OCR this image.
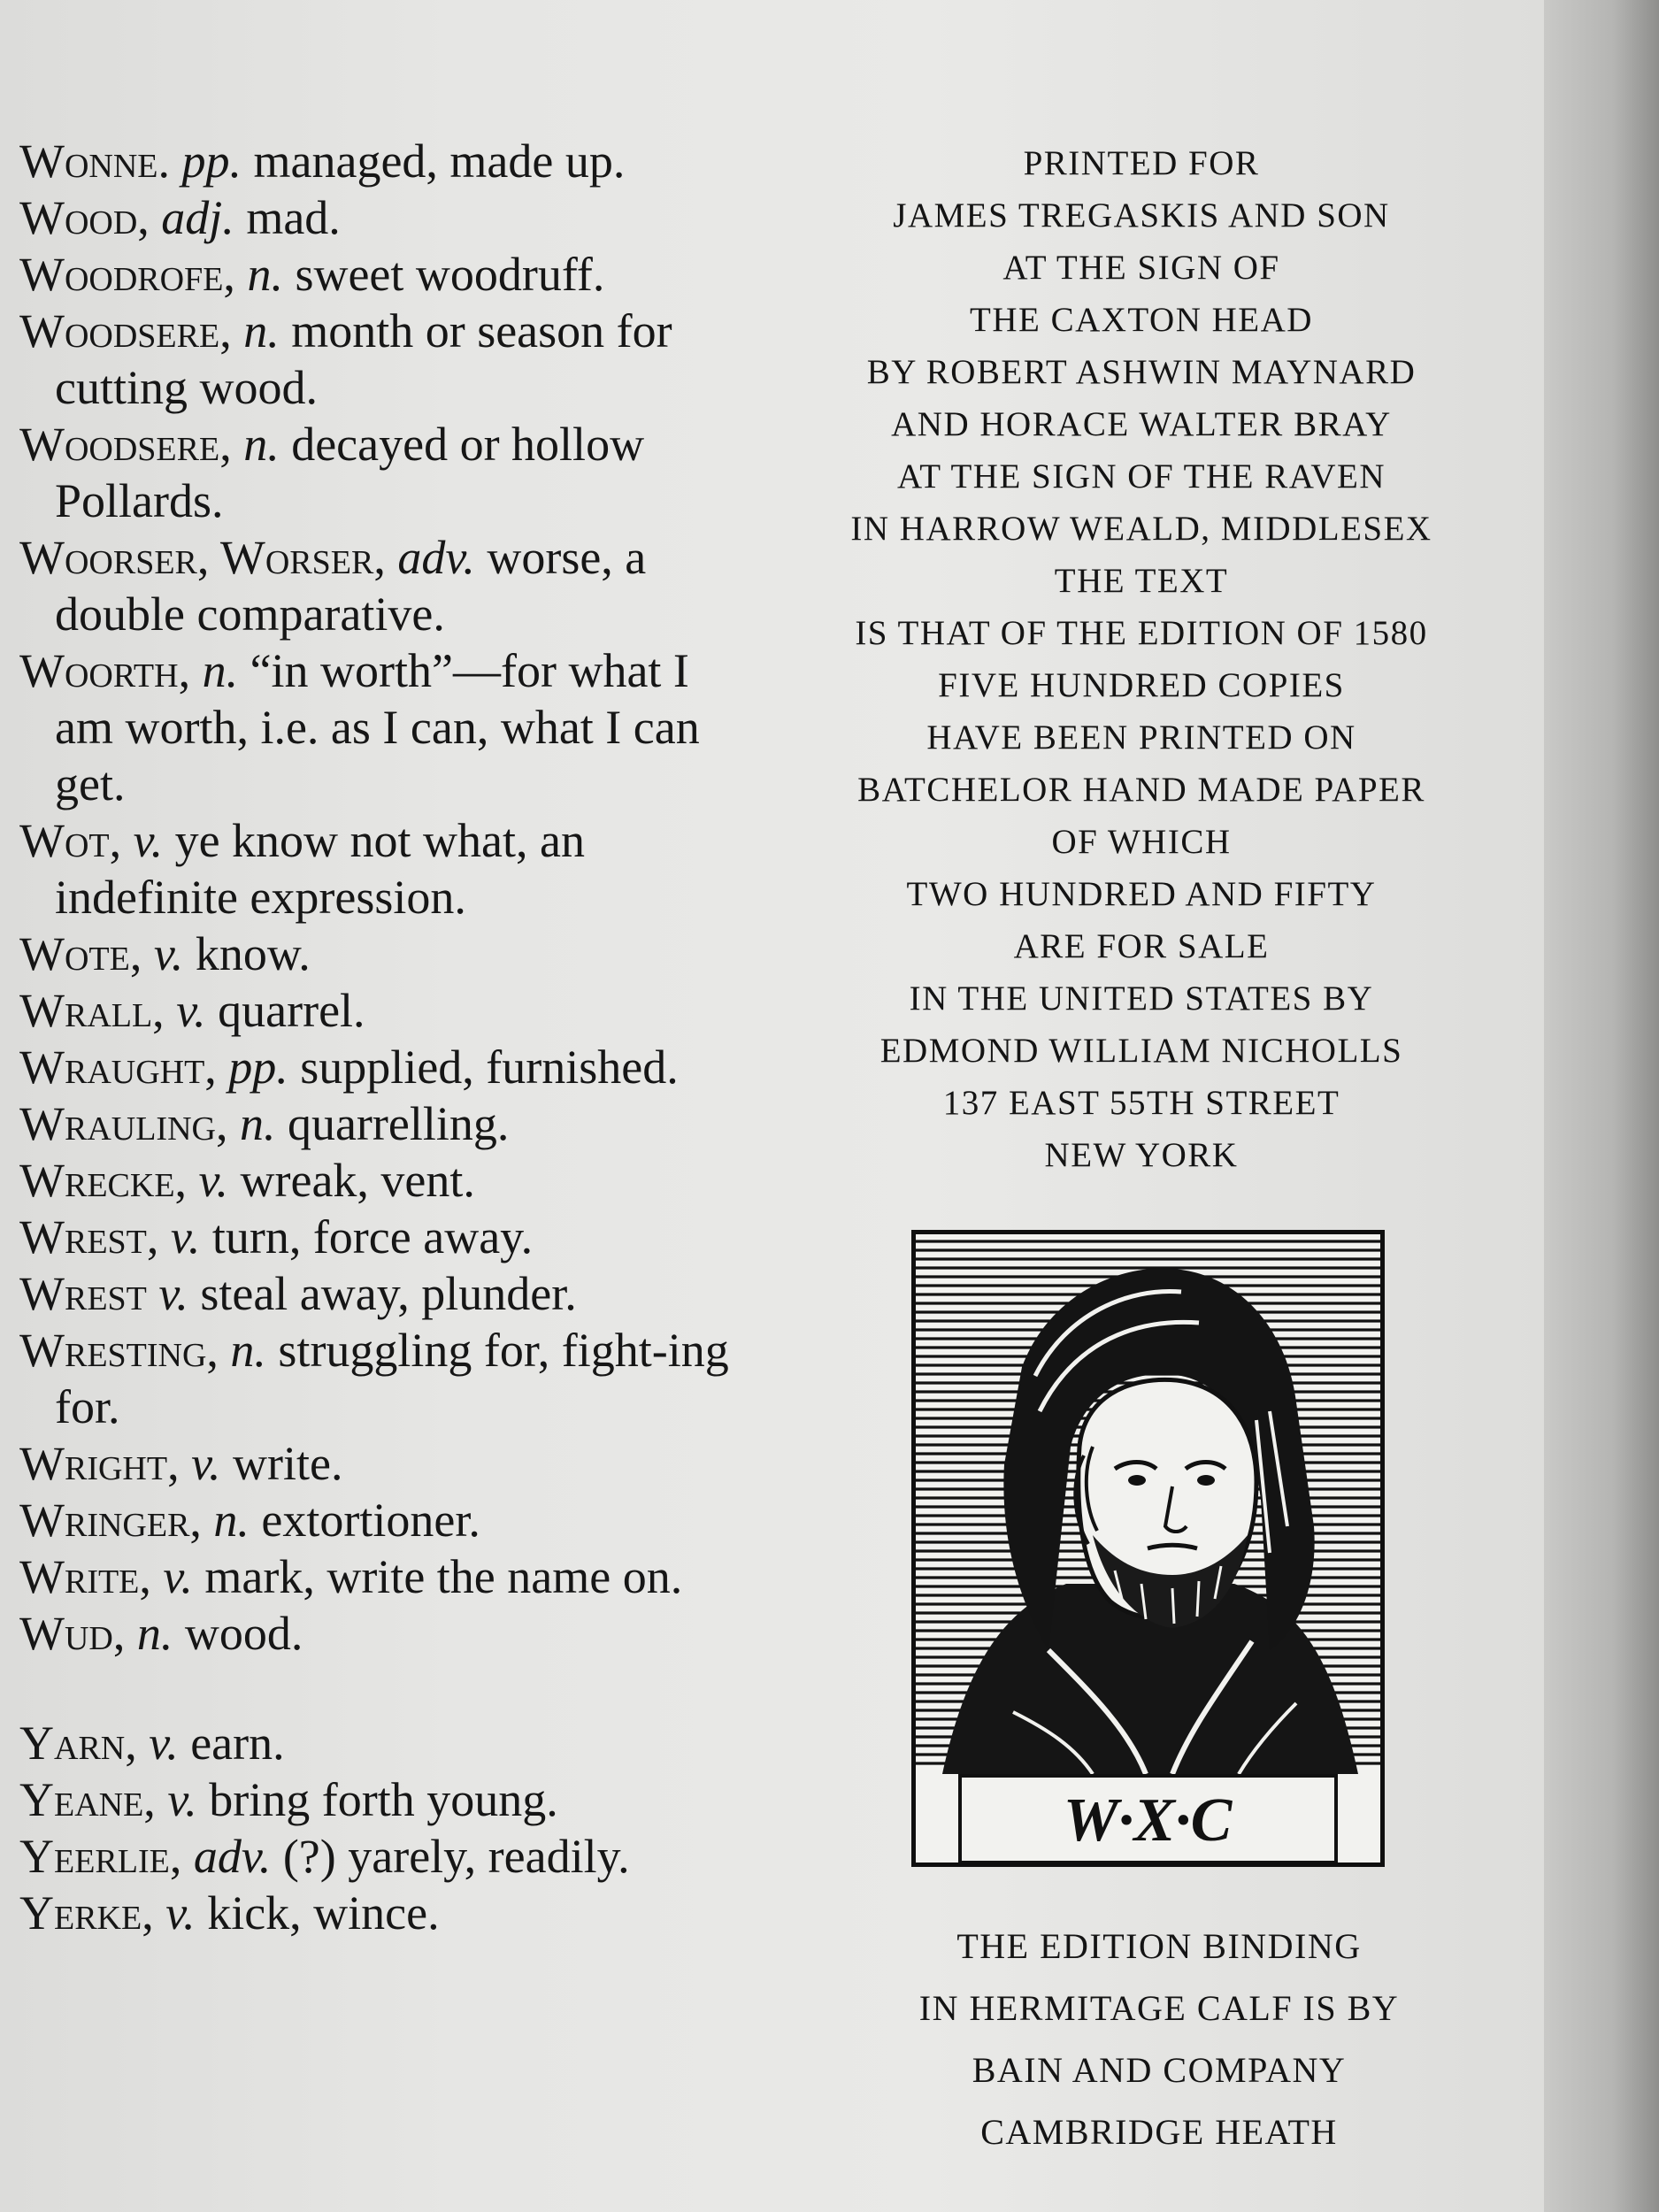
Wonne. pp. managed, made up.

Wood, adj. mad.

Woodrofe, n. sweet woodruff.

Woodsere, n. month or season for cutting wood.

Woodsere, n. decayed or hollow Pollards.

Woorser, Worser, adv. worse, a double comparative.

Woorth, n. “in worth”—for what I am worth, i.e. as I can, what I can get.

Wot, v. ye know not what, an indefinite expression.

Wote, v. know.

Wrall, v. quarrel.

Wraught, pp. supplied, furnished.

Wrauling, n. quarrelling.

Wrecke, v. wreak, vent.

Wrest, v. turn, force away.

Wrest v. steal away, plunder.

Wresting, n. struggling for, fight-ing for.

Wright, v. write.

Wringer, n. extortioner.

Write, v. mark, write the name on.

Wud, n. wood.

Yarn, v. earn.

Yeane, v. bring forth young.

Yeerlie, adv. (?) yarely, readily.

Yerke, v. kick, wince.

PRINTED FOR

JAMES TREGASKIS AND SON

AT THE SIGN OF

THE CAXTON HEAD

BY ROBERT ASHWIN MAYNARD

AND HORACE WALTER BRAY

AT THE SIGN OF THE RAVEN

IN HARROW WEALD, MIDDLESEX

THE TEXT

IS THAT OF THE EDITION OF 1580

FIVE HUNDRED COPIES

HAVE BEEN PRINTED ON

BATCHELOR HAND MADE PAPER

OF WHICH

TWO HUNDRED AND FIFTY

ARE FOR SALE

IN THE UNITED STATES BY

EDMOND WILLIAM NICHOLLS

137 EAST 55TH STREET

NEW YORK

W·X·C

THE EDITION BINDING

IN HERMITAGE CALF IS BY

BAIN AND COMPANY

CAMBRIDGE HEATH
